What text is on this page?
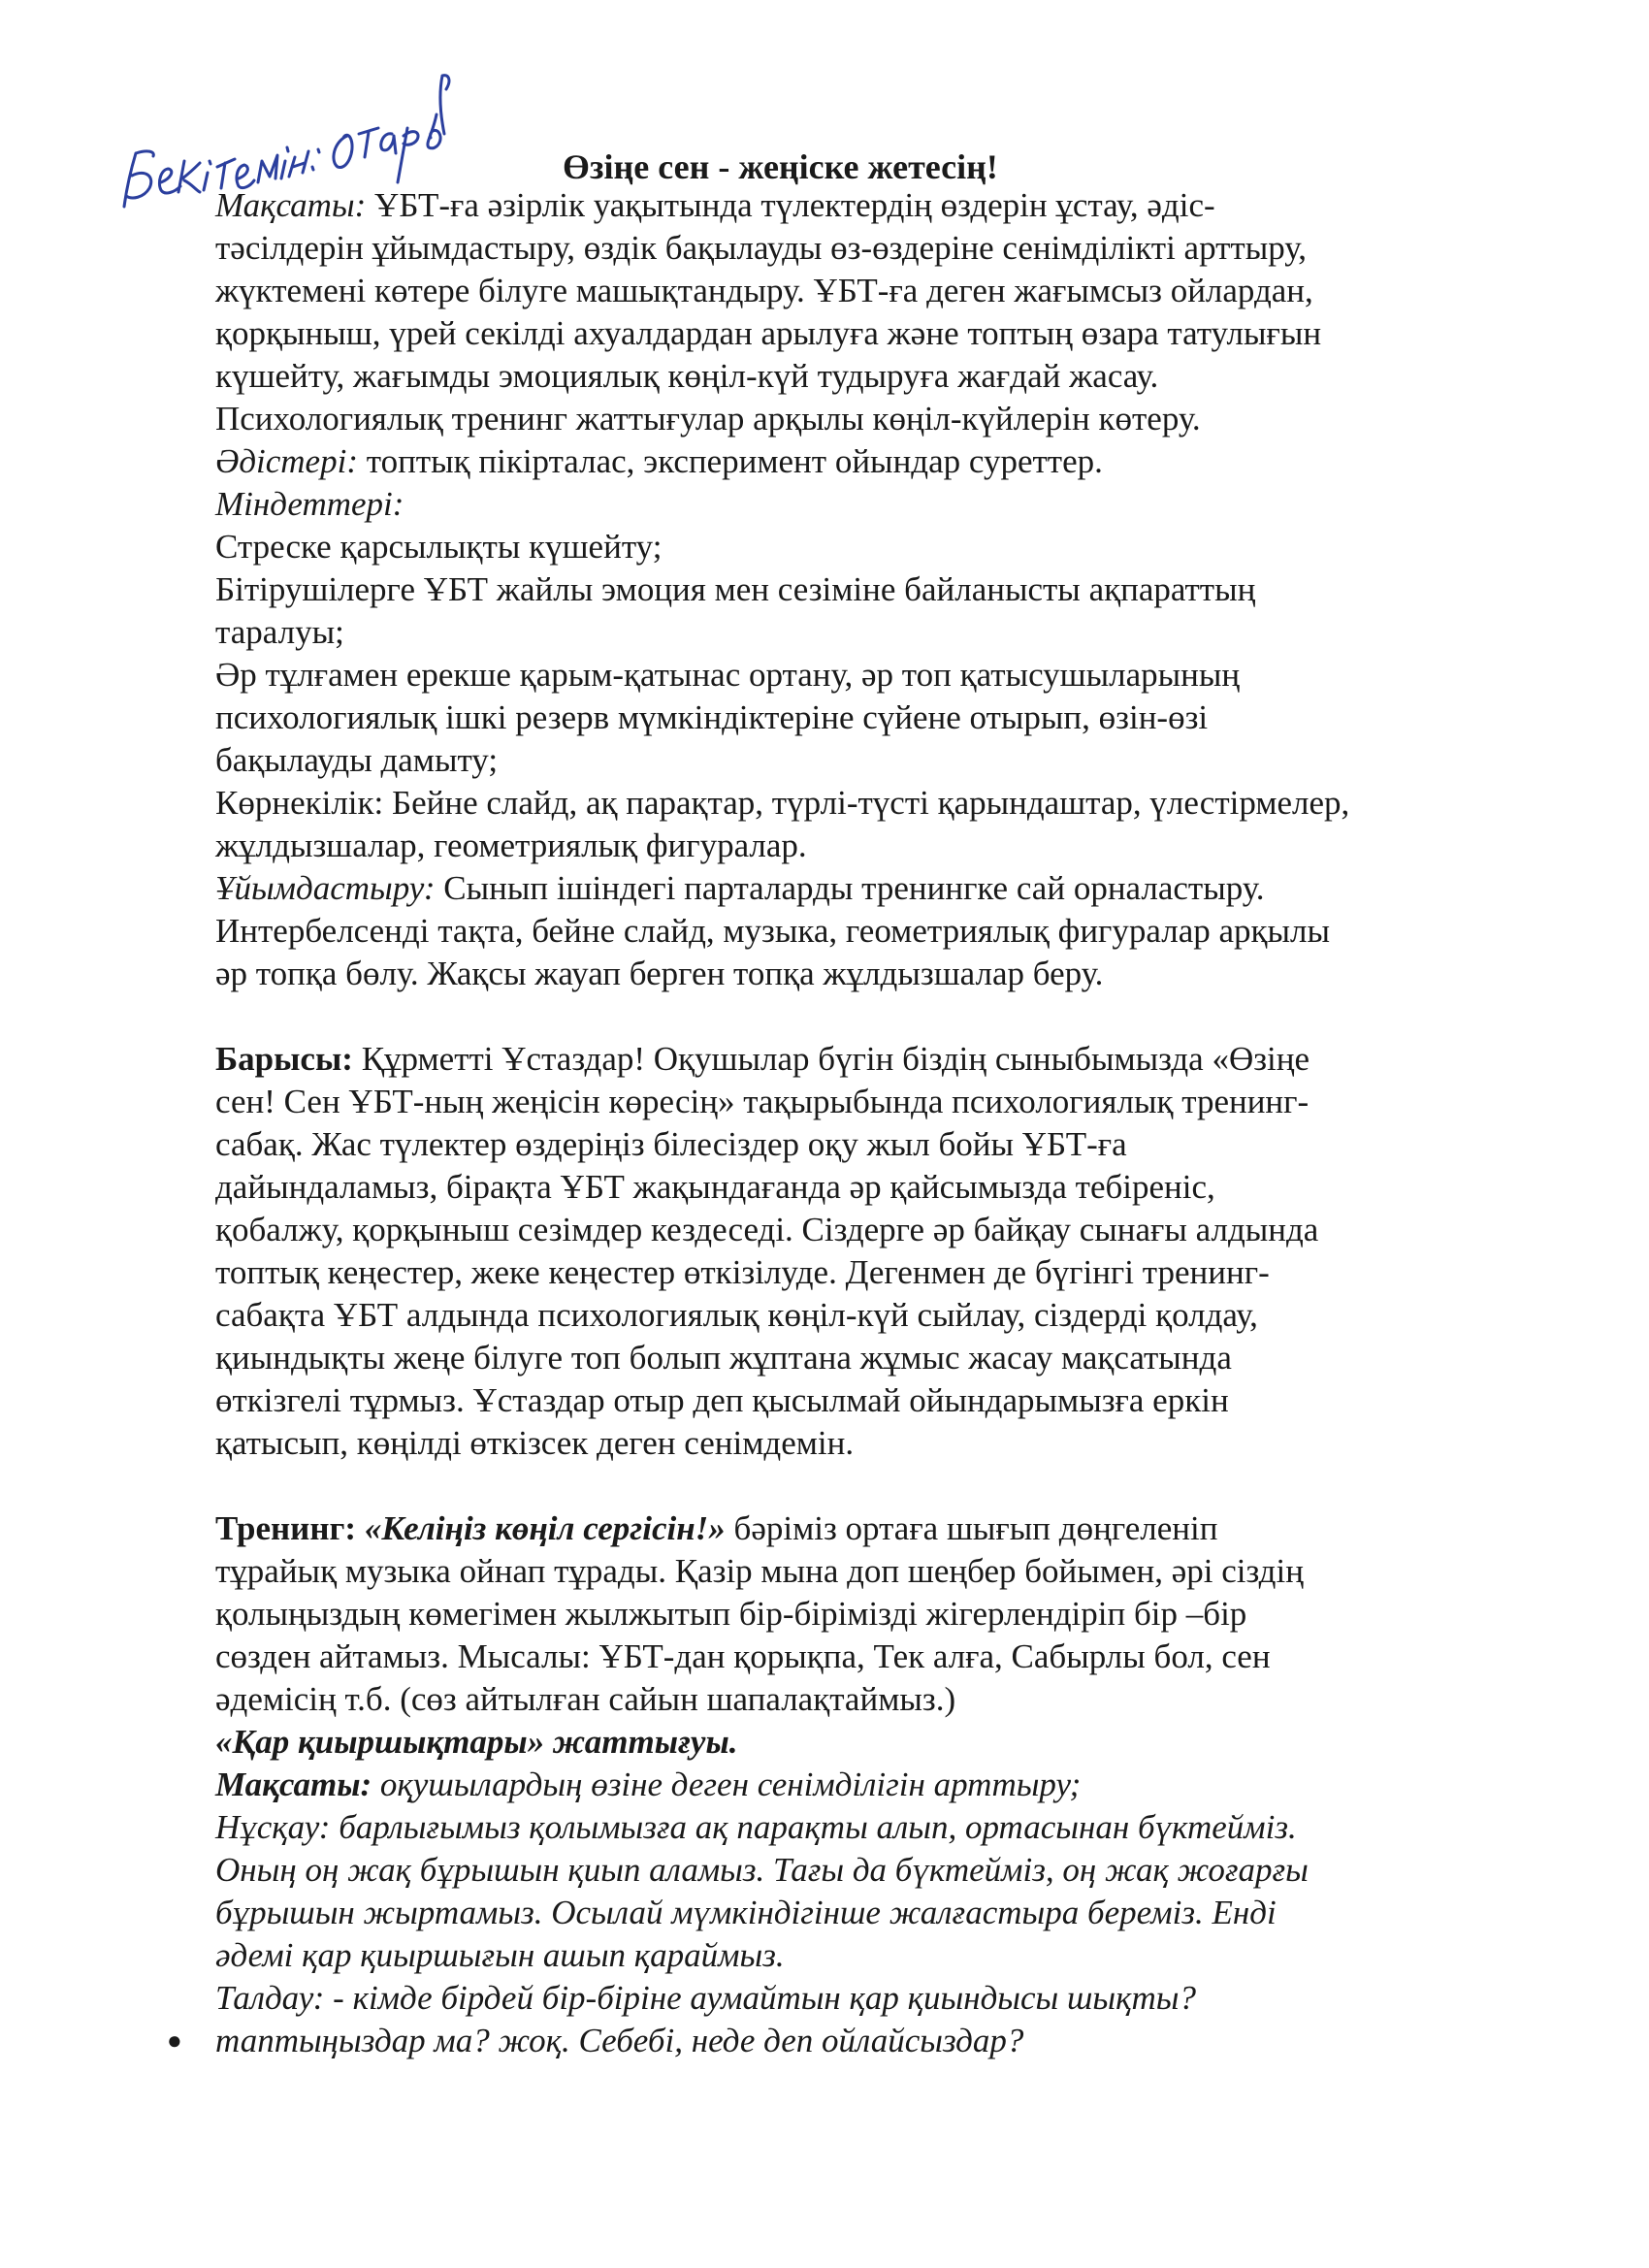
Өзіңе сен - жеңіске жетесің!
Мақсаты: ҰБТ-ға әзірлік уақытында түлектердің өздерін ұстау, әдіс-
тәсілдерін ұйымдастыру, өздік бақылауды өз-өздеріне сенімділікті арттыру,
жүктемені көтере білуге машықтандыру. ҰБТ-ға деген жағымсыз ойлардан,
қорқыныш, үрей секілді ахуалдардан арылуға және топтың өзара татулығын
күшейту, жағымды эмоциялық көңіл-күй тудыруға жағдай жасау.
Психологиялық тренинг жаттығулар арқылы көңіл-күйлерін көтеру.
Әдістері: топтық пікірталас, эксперимент ойындар суреттер.
Міндеттері:
Стреске қарсылықты күшейту;
Бітірушілерге ҰБТ жайлы эмоция мен сезіміне байланысты ақпараттың
таралуы;
Әр тұлғамен ерекше қарым-қатынас ортану, әр топ қатысушыларының
психологиялық ішкі резерв мүмкіндіктеріне сүйене отырып, өзін-өзі
бақылауды дамыту;
Көрнекілік: Бейне слайд, ақ парақтар, түрлі-түсті қарындаштар, үлестірмелер,
жұлдызшалар, геометриялық фигуралар.
Ұйымдастыру: Сынып ішіндегі парталарды тренингке сай орналастыру.
Интербелсенді тақта, бейне слайд, музыка, геометриялық фигуралар арқылы
әр топқа бөлу. Жақсы жауап берген топқа жұлдызшалар беру.
Барысы: Құрметті Ұстаздар! Оқушылар бүгін біздің сыныбымызда «Өзіңе
сен! Сен ҰБТ-ның жеңісін көресің» тақырыбында психологиялық тренинг-
сабақ. Жас түлектер өздеріңіз білесіздер оқу жыл бойы ҰБТ-ға
дайындаламыз, бірақта ҰБТ жақындағанда әр қайсымызда тебіреніс,
қобалжу, қорқыныш сезімдер кездеседі. Сіздерге әр байқау сынағы алдында
топтық кеңестер, жеке кеңестер өткізілуде. Дегенмен де бүгінгі тренинг-
сабақта ҰБТ алдында психологиялық көңіл-күй сыйлау, сіздерді қолдау,
қиындықты жеңе білуге топ болып жұптана жұмыс жасау мақсатында
өткізгелі тұрмыз. Ұстаздар отыр деп қысылмай ойындарымызға еркін
қатысып, көңілді өткізсек деген сенімдемін.
Тренинг: «Келіңіз көңіл сергісін!» бәріміз ортаға шығып дөңгеленіп
тұрайық музыка ойнап тұрады. Қазір мына доп шеңбер бойымен, әрі сіздің
қолыңыздың көмегімен жылжытып бір-бірімізді жігерлендіріп бір –бір
сөзден айтамыз. Мысалы: ҰБТ-дан қорықпа, Тек алға, Сабырлы бол, сен
әдемісің т.б. (сөз айтылған сайын шапалақтаймыз.)
«Қар қиыршықтары» жаттығуы.
Мақсаты: оқушылардың өзіне деген сенімділігін арттыру;
Нұсқау: барлығымыз қолымызға ақ парақты алып, ортасынан бүктейміз.
Оның оң жақ бұрышын қиып аламыз. Тағы да бүктейміз, оң жақ жоғарғы
бұрышын жыртамыз. Осылай мүмкіндігінше жалғастыра береміз. Енді
әдемі қар қиыршығын ашып қараймыз.
Талдау: - кімде бірдей бір-біріне аумайтын қар қиындысы шықты?
● таптыңыздар ма? жоқ. Себебі, неде деп ойлайсыздар?
